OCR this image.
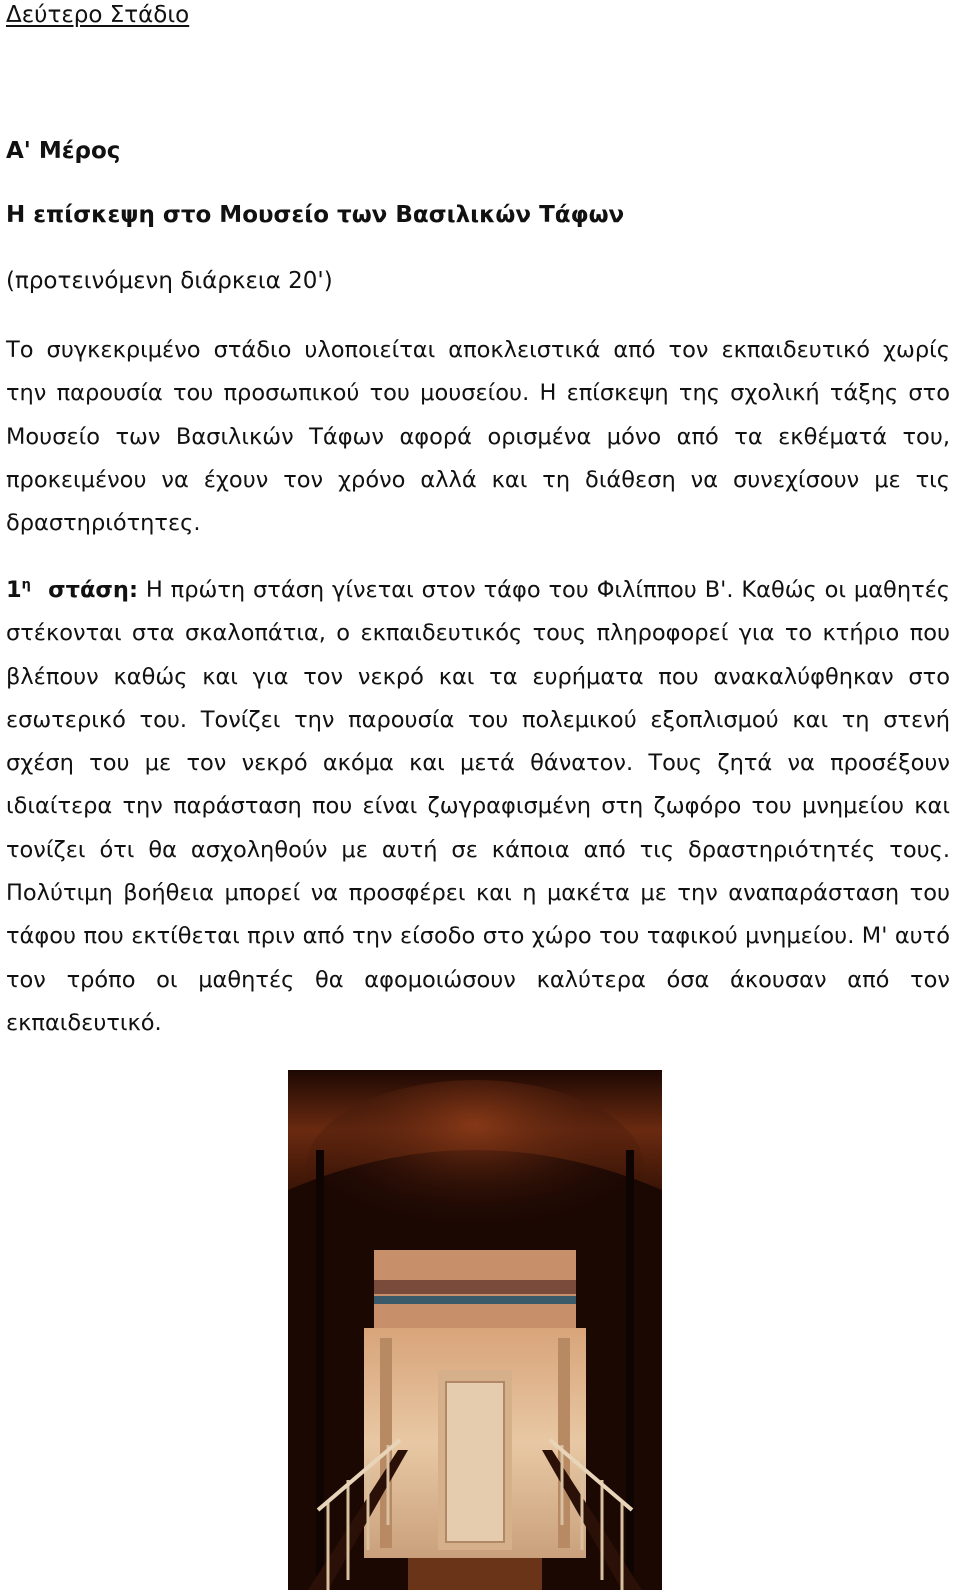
Δεύτερο Στάδιο
Α' Μέρος
Η επίσκεψη στο Μουσείο των Βασιλικών Τάφων
(προτεινόμενη διάρκεια 20')
Το συγκεκριμένο στάδιο υλοποιείται αποκλειστικά από τον εκπαιδευτικό χωρίς την παρουσία του προσωπικού του μουσείου. Η επίσκεψη της σχολική τάξης στο Μουσείο των Βασιλικών Τάφων αφορά ορισμένα μόνο από τα εκθέματά του, προκειμένου να έχουν τον χρόνο αλλά και τη διάθεση να συνεχίσουν με τις δραστηριότητες.
$1^\eta$ στάση: Η πρώτη στάση γίνεται στον τάφο του Φιλίππου Β'. Καθώς οι μαθητές στέκονται στα σκαλοπάτια, ο εκπαιδευτικός τους πληροφορεί για το κτήριο που βλέπουν καθώς και για τον νεκρό και τα ευρήματα που ανακαλύφθηκαν στο εσωτερικό του. Τονίζει την παρουσία του πολεμικού εξοπλισμού και τη στενή σχέση του με τον νεκρό ακόμα και μετά θάνατον. Τους ζητά να προσέξουν ιδιαίτερα την παράσταση που είναι ζωγραφισμένη στη ζωφόρο του μνημείου και τονίζει ότι θα ασχοληθούν με αυτή σε κάποια από τις δραστηριότητές τους. Πολύτιμη βοήθεια μπορεί να προσφέρει και η μακέτα με την αναπαράσταση του τάφου που εκτίθεται πριν από την είσοδο στο χώρο του ταφικού μνημείου. Μ' αυτό τον τρόπο οι μαθητές θα αφομοιώσουν καλύτερα όσα άκουσαν από τον εκπαιδευτικό.
